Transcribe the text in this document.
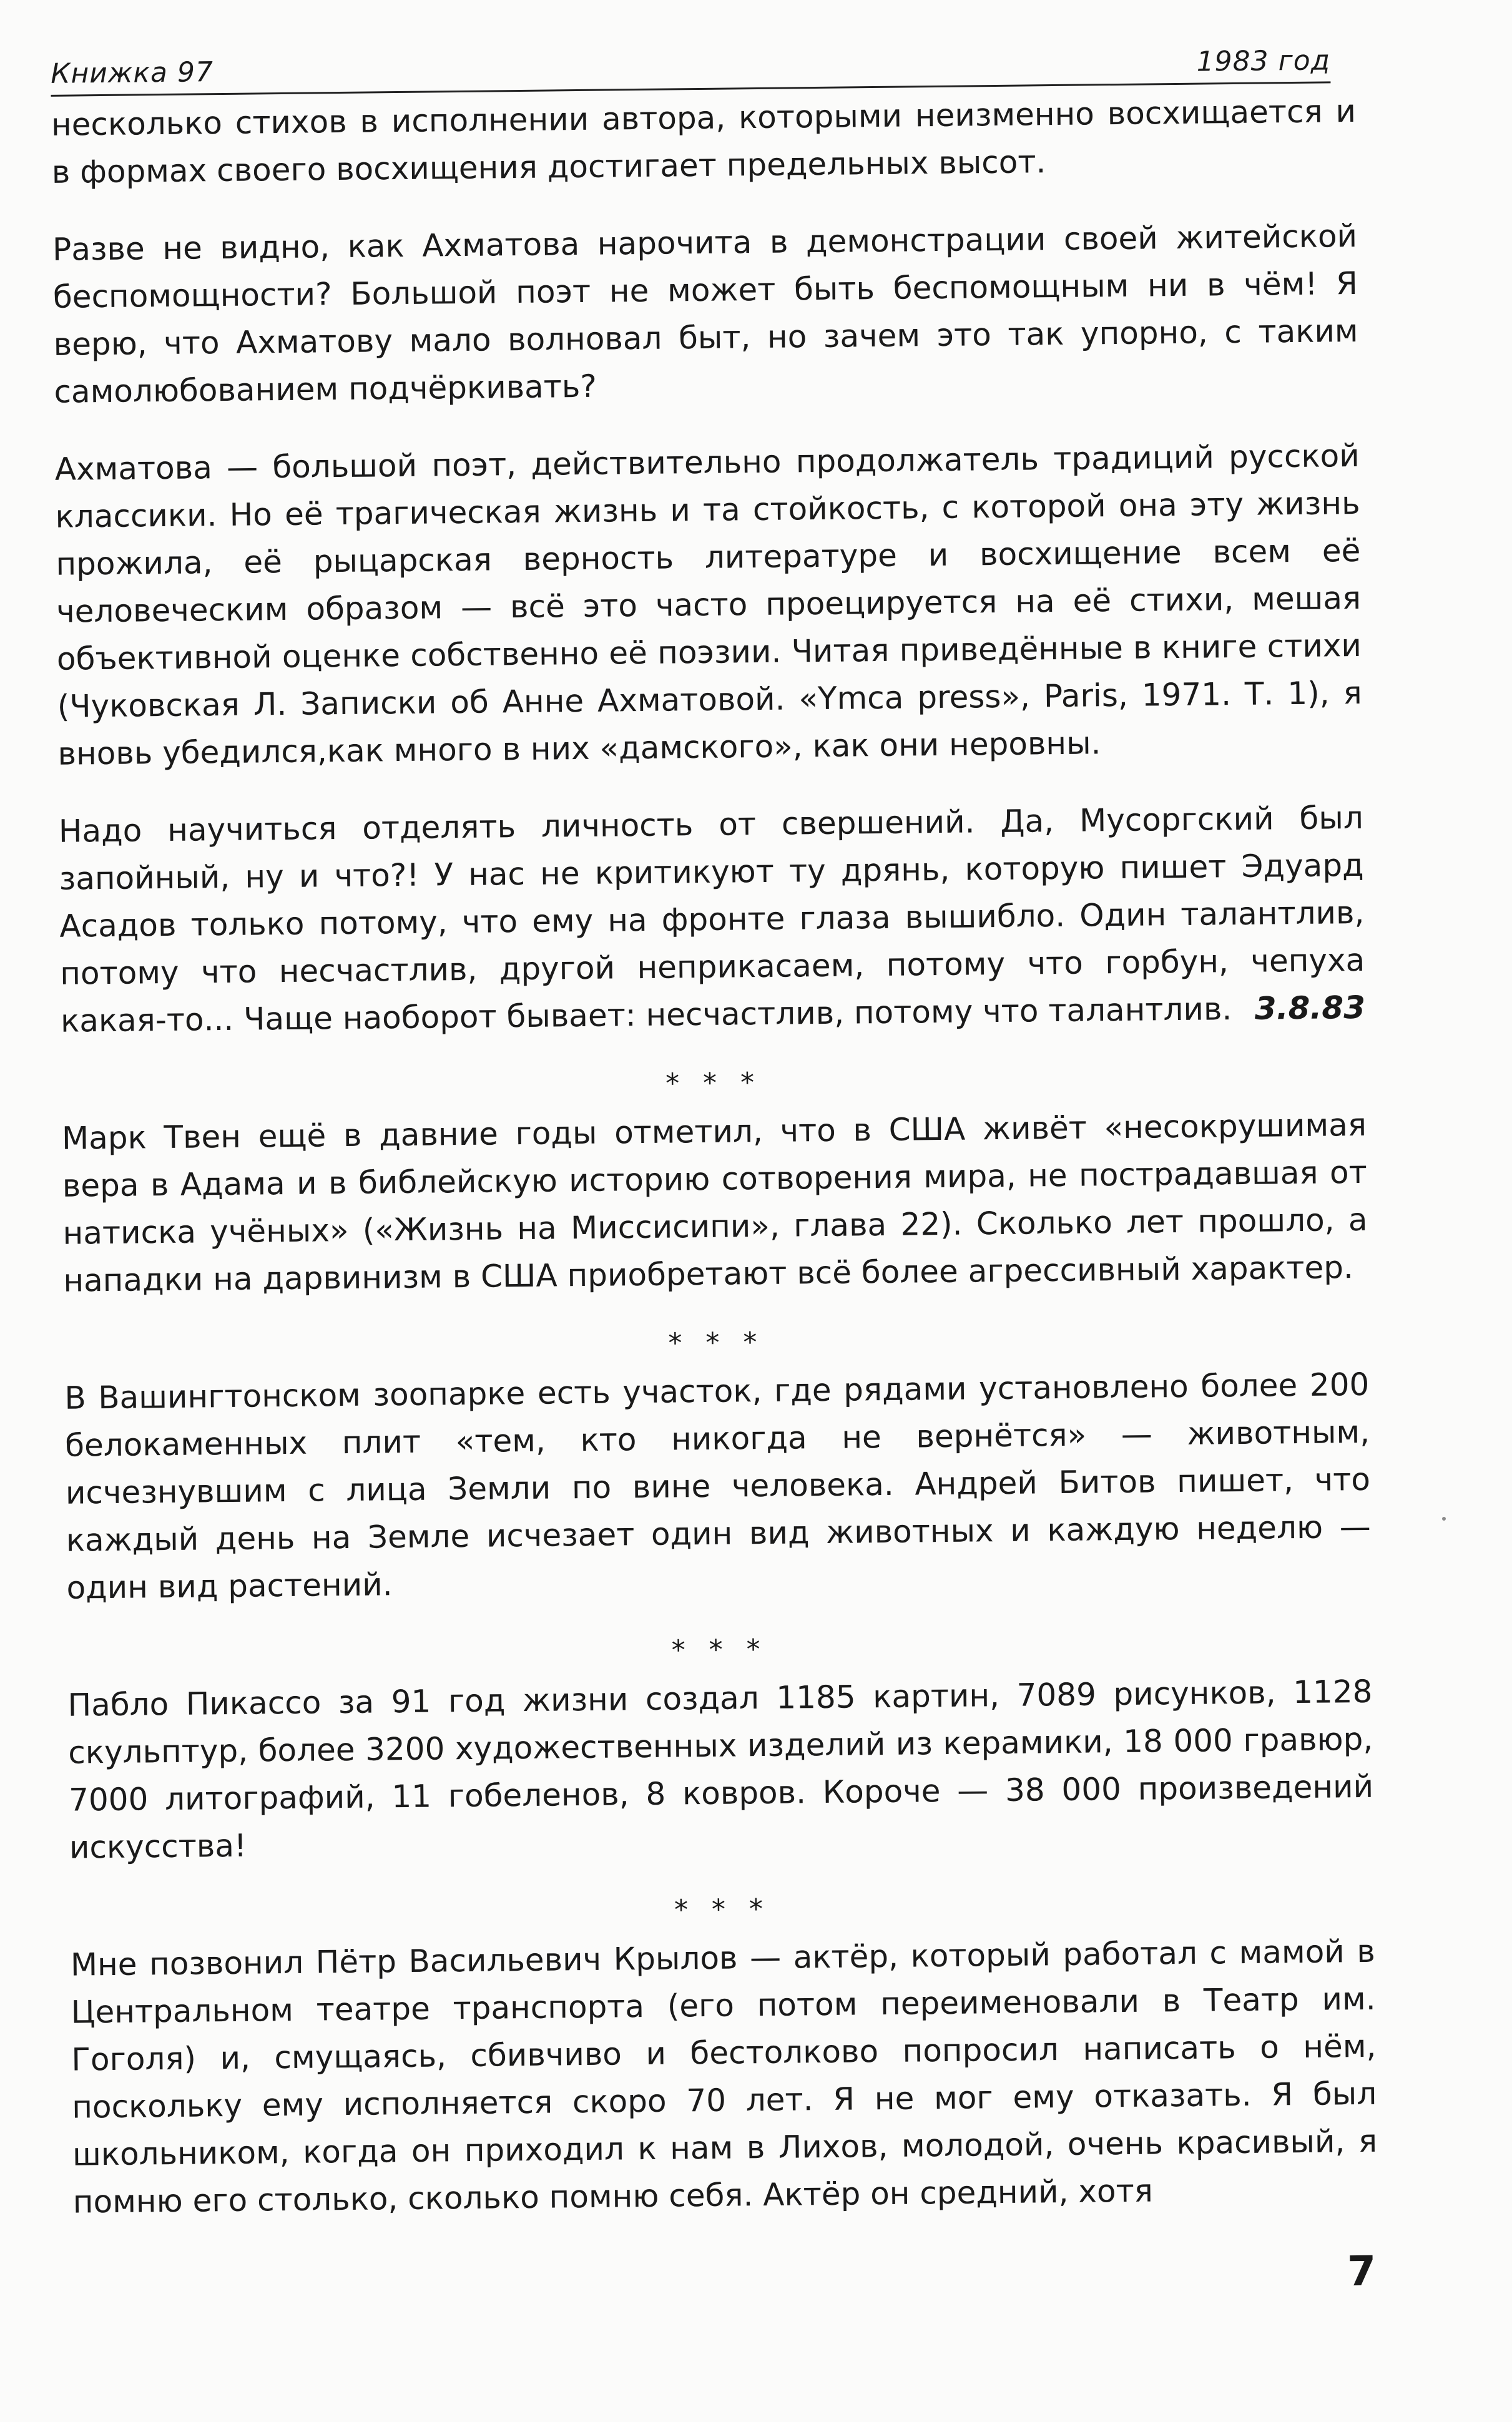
Книжка 97	1983 год

несколько стихов в исполнении автора, которыми неизменно восхищается и в формах своего восхищения достигает предельных высот.

Разве не видно, как Ахматова нарочита в демонстрации своей житейской беспомощности? Большой поэт не может быть беспомощным ни в чём! Я верю, что Ахматову мало волновал быт, но зачем это так упорно, с таким самолюбованием подчёркивать?

Ахматова — большой поэт, действительно продолжатель традиций русской классики. Но её трагическая жизнь и та стойкость, с которой она эту жизнь прожила, её рыцарская верность литературе и восхищение всем её человеческим образом — всё это часто проецируется на её стихи, мешая объективной оценке собственно её поэзии. Читая приведённые в книге стихи (Чуковская Л. Записки об Анне Ахматовой. «Ymca press», Paris, 1971. Т. 1), я вновь убедился,как много в них «дамского», как они неровны.

Надо научиться отделять личность от свершений. Да, Мусоргский был запойный, ну и что?! У нас не критикуют ту дрянь, которую пишет Эдуард Асадов только потому, что ему на фронте глаза вышибло. Один талантлив, потому что несчастлив, другой неприкасаем, потому что горбун, чепуха какая-то... Чаще наоборот бывает: несчастлив, потому что талантлив. 3.8.83
* * *

Марк Твен ещё в давние годы отметил, что в США живёт «несокрушимая вера в Адама и в библейскую историю сотворения мира, не пострадавшая от натиска учёных» («Жизнь на Миссисипи», глава 22). Сколько лет прошло, а нападки на дарвинизм в США приобретают всё более агрессивный характер.

* * *

В Вашингтонском зоопарке есть участок, где рядами установлено более 200 белокаменных плит «тем, кто никогда не вернётся» — животным, исчезнувшим с лица Земли по вине человека. Андрей Битов пишет, что каждый день на Земле исчезает один вид животных и каждую неделю — один вид растений.

* * *

Пабло Пикассо за 91 год жизни создал 1185 картин, 7089 рисунков, 1128 скульптур, более 3200 художественных изделий из керамики, 18 000 гравюр, 7000 литографий, 11 гобеленов, 8 ковров. Короче — 38 000 произведений искусства!

* * *

Мне позвонил Пётр Васильевич Крылов — актёр, который работал с мамой в Центральном театре транспорта (его потом переименовали в Театр им. Гоголя) и, смущаясь, сбивчиво и бестолково попросил написать о нём, поскольку ему исполняется скоро 70 лет. Я не мог ему отказать. Я был школьником, когда он приходил к нам в Лихов, молодой, очень красивый, я помню его столько, сколько помню себя. Актёр он средний, хотя

7
